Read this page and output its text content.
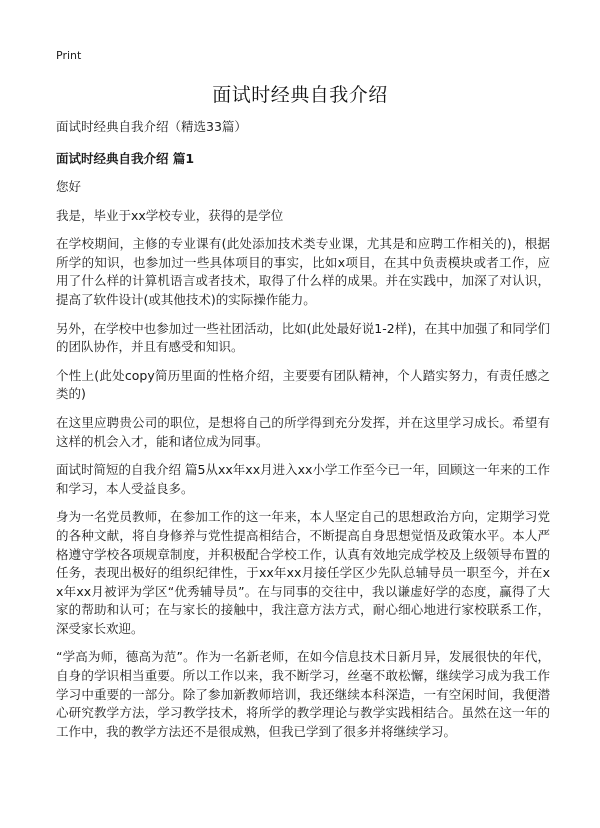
Print
面试时经典自我介绍

面试时经典自我介绍（精选33篇）

面试时经典自我介绍 篇1

您好

我是，毕业于xx学校专业，获得的是学位

在学校期间，主修的专业课有(此处添加技术类专业课，尤其是和应聘工作相关的)，根据所学的知识，也参加过一些具体项目的事实，比如x项目，在其中负责模块或者工作，应用了什么样的计算机语言或者技术，取得了什么样的成果。并在实践中，加深了对认识，提高了软件设计(或其他技术)的实际操作能力。

另外，在学校中也参加过一些社团活动，比如(此处最好说1-2样)，在其中加强了和同学们的团队协作，并且有感受和知识。

个性上(此处copy简历里面的性格介绍，主要要有团队精神，个人踏实努力，有责任感之类的)

在这里应聘贵公司的职位，是想将自己的所学得到充分发挥，并在这里学习成长。希望有这样的机会入才，能和诸位成为同事。

面试时简短的自我介绍 篇5从xx年xx月进入xx小学工作至今已一年，回顾这一年来的工作和学习，本人受益良多。

身为一名党员教师，在参加工作的这一年来，本人坚定自己的思想政治方向，定期学习党的各种文献，将自身修养与党性提高相结合，不断提高自身思想觉悟及政策水平。本人严格遵守学校各项规章制度，并积极配合学校工作，认真有效地完成学校及上级领导布置的任务，表现出极好的组织纪律性，于xx年xx月接任学区少先队总辅导员一职至今，并在xx年xx月被评为学区“优秀辅导员”。在与同事的交往中，我以谦虚好学的态度，赢得了大家的帮助和认可；在与家长的接触中，我注意方法方式，耐心细心地进行家校联系工作，深受家长欢迎。

“学高为师，德高为范”。作为一名新老师，在如今信息技术日新月异，发展很快的年代，自身的学识相当重要。所以工作以来，我不断学习，丝毫不敢松懈，继续学习成为我工作学习中重要的一部分。除了参加新教师培训，我还继续本科深造，一有空闲时间，我便潜心研究教学方法，学习教学技术，将所学的教学理论与教学实践相结合。虽然在这一年的工作中，我的教学方法还不是很成熟，但我已学到了很多并将继续学习。
